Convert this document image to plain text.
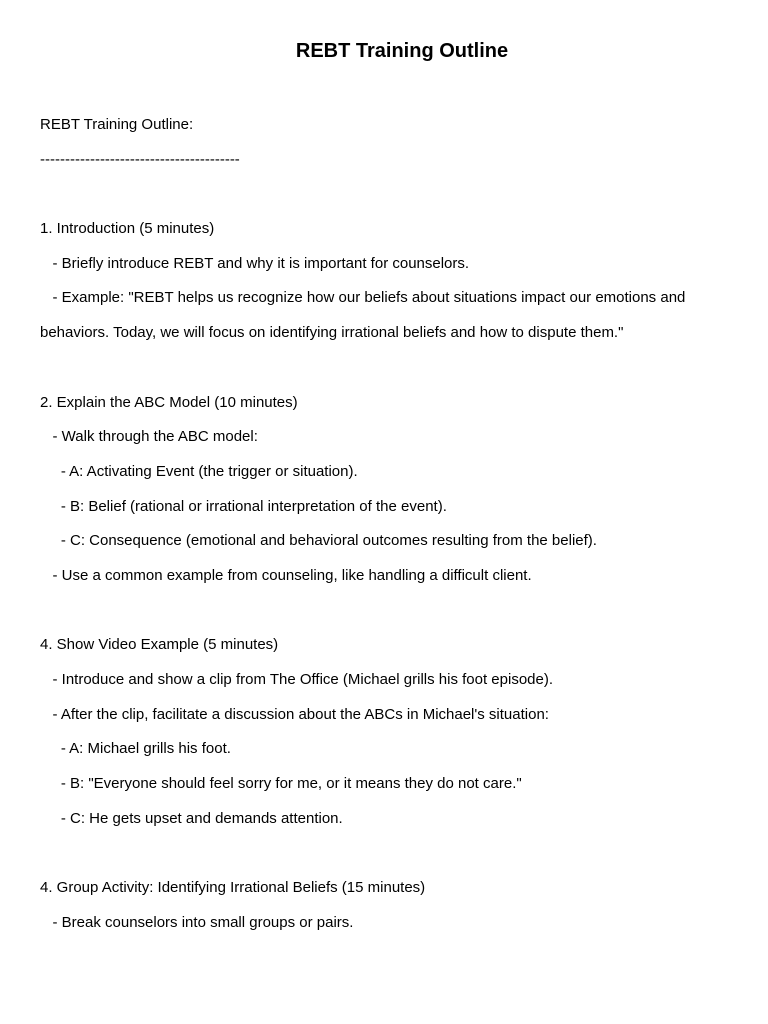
REBT Training Outline
REBT Training Outline:
----------------------------------------
1. Introduction (5 minutes)
- Briefly introduce REBT and why it is important for counselors.
- Example: "REBT helps us recognize how our beliefs about situations impact our emotions and
behaviors. Today, we will focus on identifying irrational beliefs and how to dispute them."
2. Explain the ABC Model (10 minutes)
- Walk through the ABC model:
- A: Activating Event (the trigger or situation).
- B: Belief (rational or irrational interpretation of the event).
- C: Consequence (emotional and behavioral outcomes resulting from the belief).
- Use a common example from counseling, like handling a difficult client.
4. Show Video Example (5 minutes)
- Introduce and show a clip from The Office (Michael grills his foot episode).
- After the clip, facilitate a discussion about the ABCs in Michael's situation:
- A: Michael grills his foot.
- B: "Everyone should feel sorry for me, or it means they do not care."
- C: He gets upset and demands attention.
4. Group Activity: Identifying Irrational Beliefs (15 minutes)
- Break counselors into small groups or pairs.
